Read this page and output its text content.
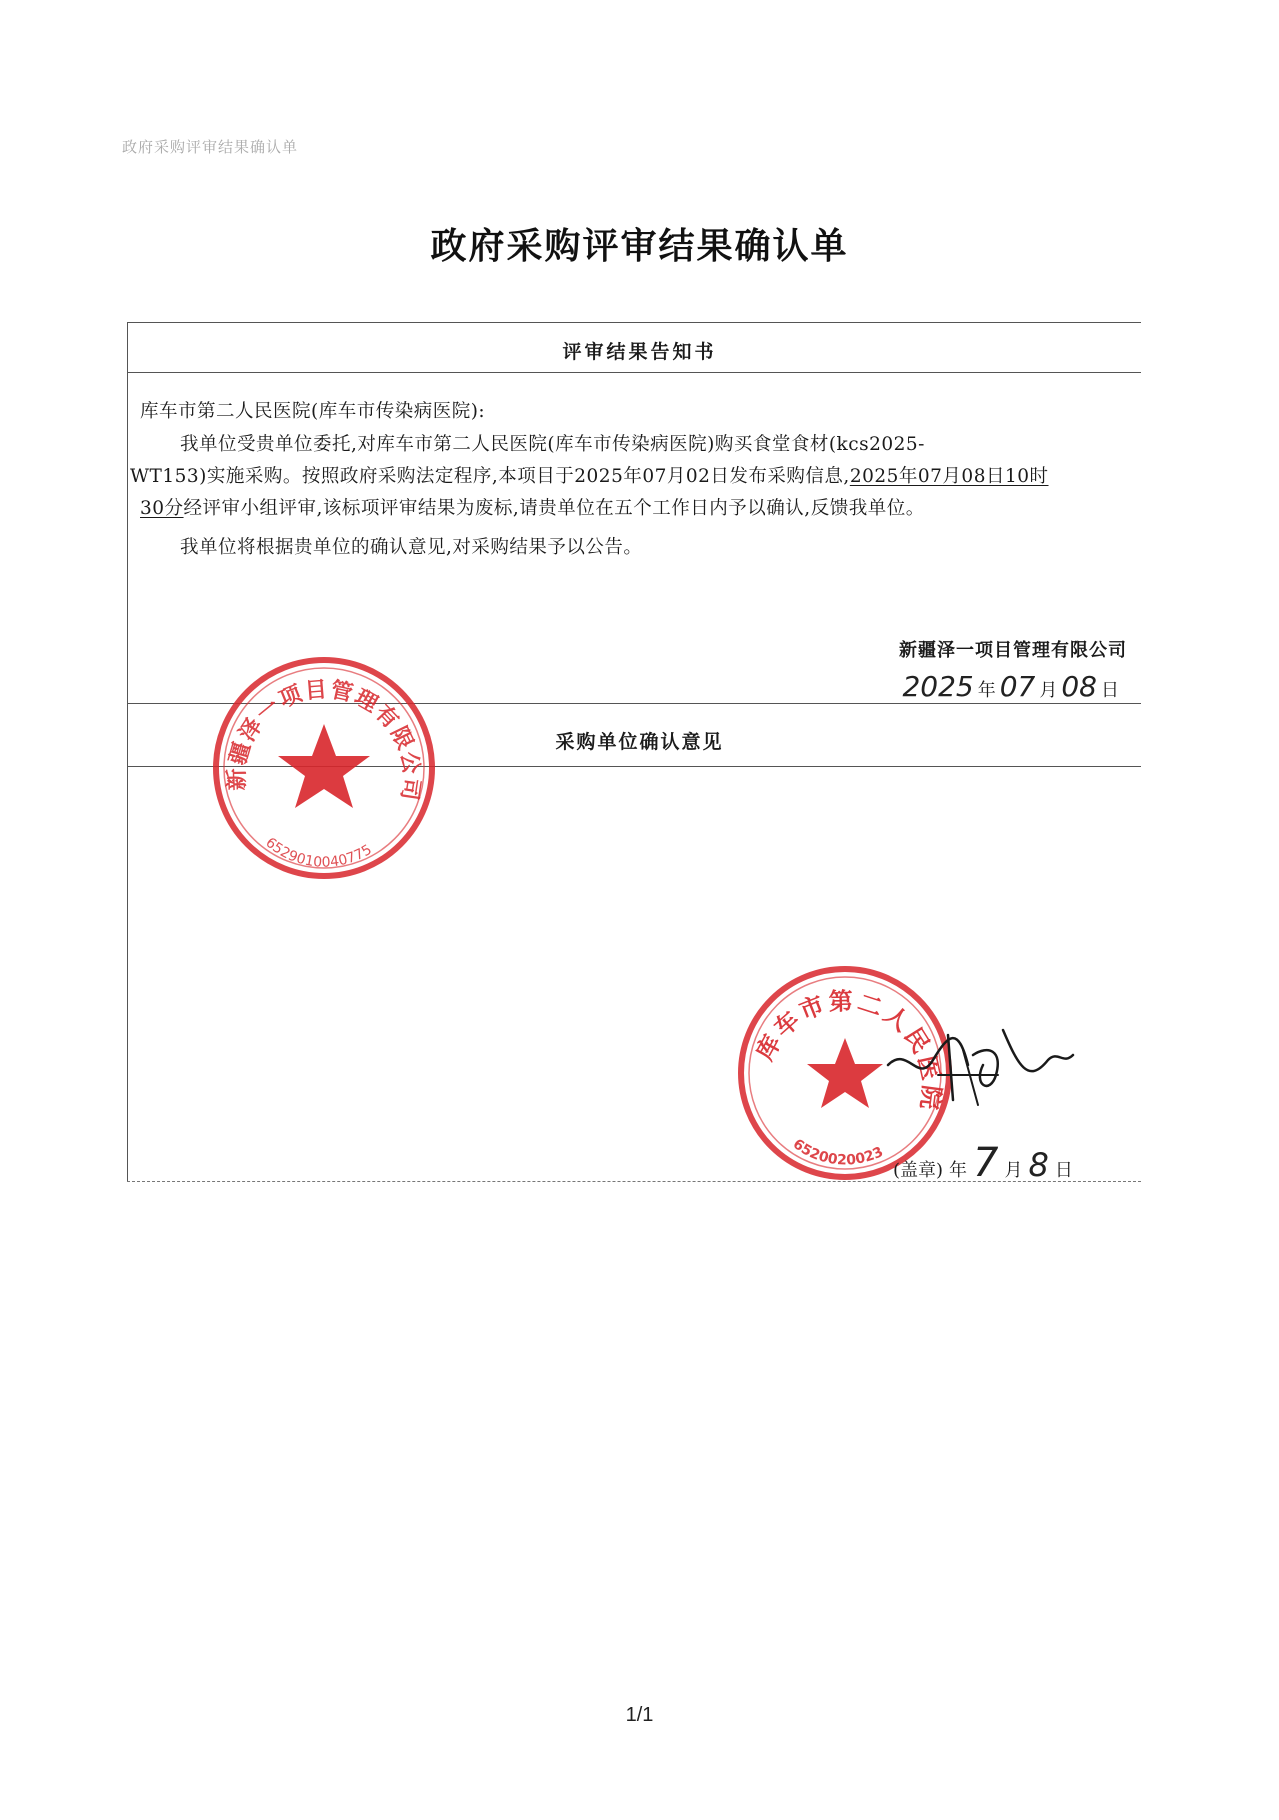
政府采购评审结果确认单
政府采购评审结果确认单
评审结果告知书
库车市第二人民医院(库车市传染病医院):
我单位受贵单位委托,对库车市第二人民医院(库车市传染病医院)购买食堂食材(kcs2025-
WT153)实施采购。按照政府采购法定程序,本项目于2025年07月02日发布采购信息,2025年07月08日10时
30分经评审小组评审,该标项评审结果为废标,请贵单位在五个工作日内予以确认,反馈我单位。
我单位将根据贵单位的确认意见,对采购结果予以公告。
新疆泽一项目管理有限公司
2025 年 07 月 08 日
采购单位确认意见
新疆泽一项目管理有限公司
6529010040775
库车市第二人民医院
6520020023
(盖章) 年 7 月 8 日
1/1
